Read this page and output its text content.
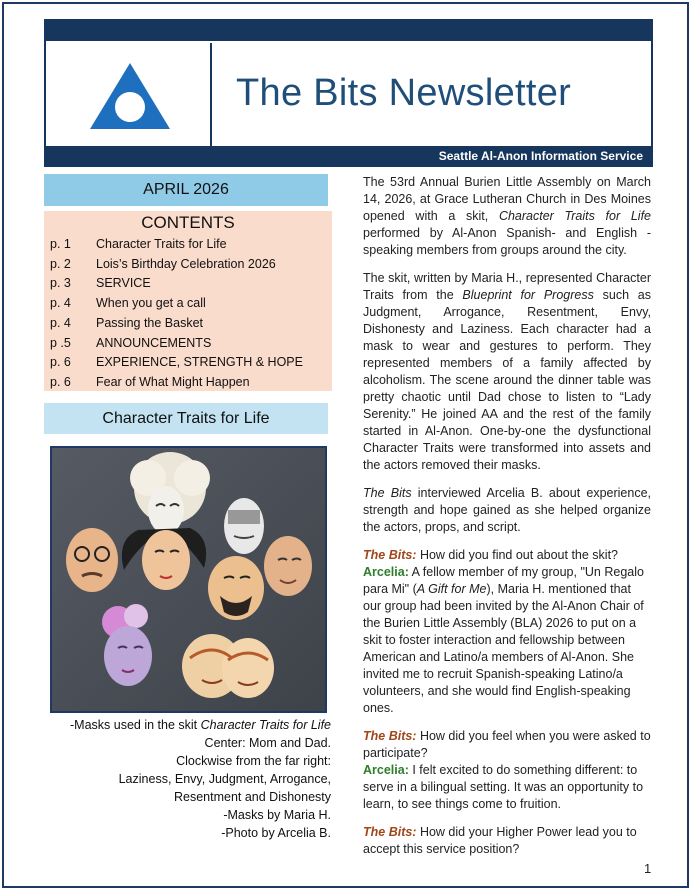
The Bits Newsletter
Seattle Al-Anon Information Service
APRIL 2026
CONTENTS
p. 1 Character Traits for Life
p. 2 Lois’s Birthday Celebration 2026
p. 3 SERVICE
p. 4 When you get a call
p. 4 Passing the Basket
p .5 ANNOUNCEMENTS
p. 6 EXPERIENCE, STRENGTH & HOPE
p. 6 Fear of What Might Happen
Character Traits for Life
-Masks used in the skit Character Traits for Life
Center: Mom and Dad.
Clockwise from the far right:
Laziness, Envy, Judgment, Arrogance,
Resentment and Dishonesty
-Masks by Maria H.
-Photo by Arcelia B.

The 53rd Annual Burien Little Assembly on March 14, 2026, at Grace Lutheran Church in Des Moines opened with a skit, Character Traits for Life performed by Al-Anon Spanish- and English - speaking members from groups around the city.

The skit, written by Maria H., represented Character Traits from the Blueprint for Progress such as Judgment, Arrogance, Resentment, Envy, Dishonesty and Laziness. Each character had a mask to wear and gestures to perform. They represented members of a family affected by alcoholism. The scene around the dinner table was pretty chaotic until Dad chose to listen to “Lady Serenity.” He joined AA and the rest of the family started in Al-Anon. One-by-one the dysfunctional Character Traits were transformed into assets and the actors removed their masks.

The Bits interviewed Arcelia B. about experience, strength and hope gained as she helped organize the actors, props, and script.

The Bits: How did you find out about the skit?

Arcelia: A fellow member of my group, "Un Regalo para Mi" (A Gift for Me), Maria H. mentioned that our group had been invited by the Al-Anon Chair of the Burien Little Assembly (BLA) 2026 to put on a skit to foster interaction and fellowship between American and Latino/a members of Al-Anon. She invited me to recruit Spanish-speaking Latino/a volunteers, and she would find English-speaking ones.

The Bits: How did you feel when you were asked to participate?

Arcelia: I felt excited to do something different: to serve in a bilingual setting. It was an opportunity to learn, to see things come to fruition.

The Bits: How did your Higher Power lead you to accept this service position?

1
